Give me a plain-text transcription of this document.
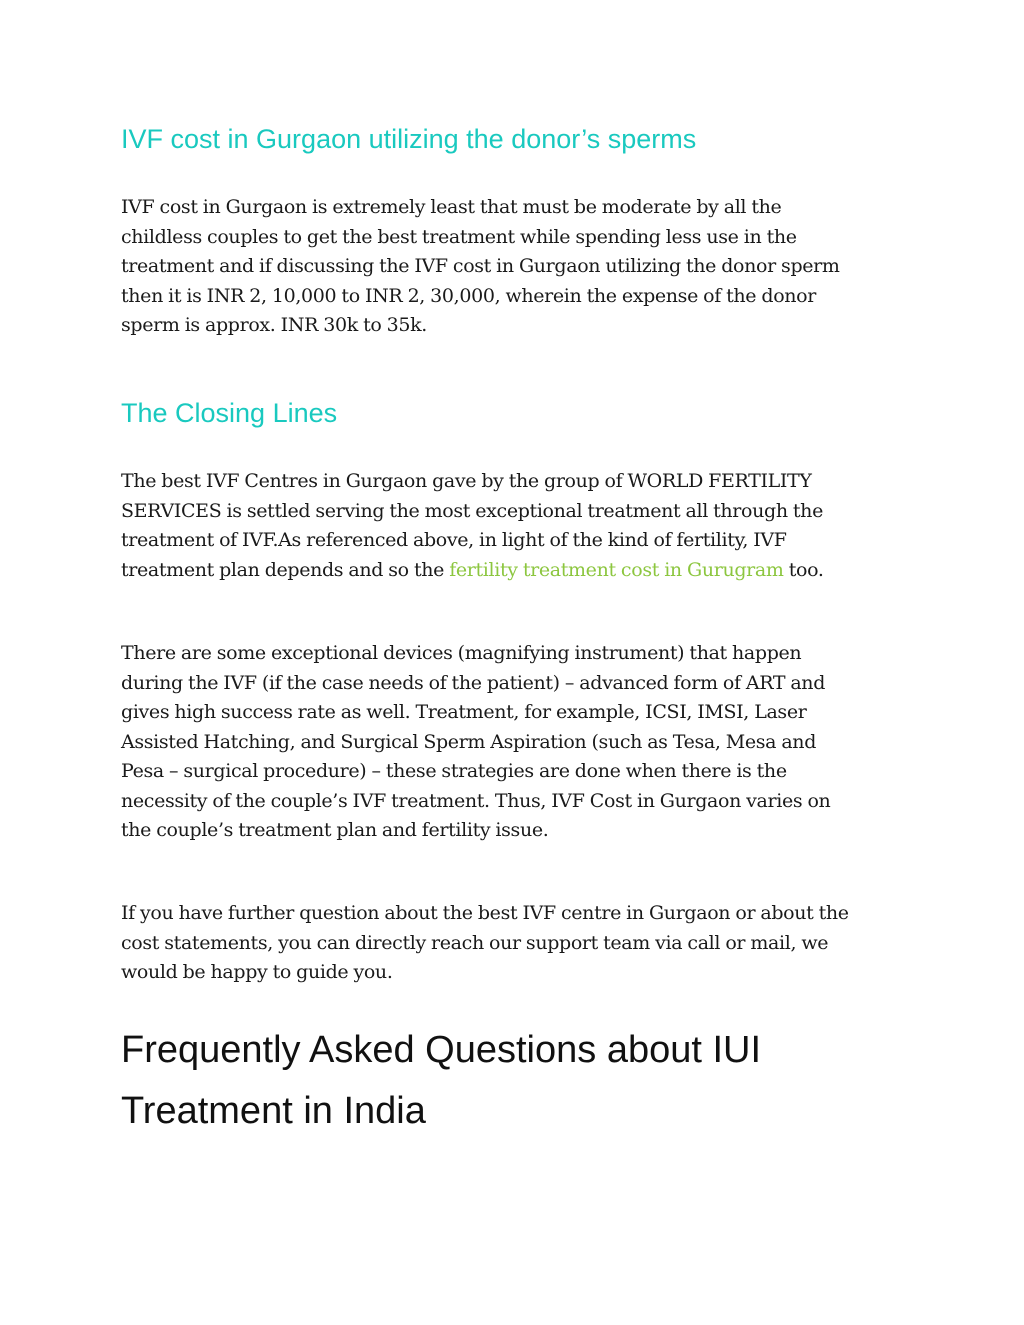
IVF cost in Gurgaon utilizing the donor’s sperms

IVF cost in Gurgaon is extremely least that must be moderate by all the
childless couples to get the best treatment while spending less use in the
treatment and if discussing the IVF cost in Gurgaon utilizing the donor sperm
then it is INR 2, 10,000 to INR 2, 30,000, wherein the expense of the donor
sperm is approx. INR 30k to 35k.

The Closing Lines

The best IVF Centres in Gurgaon gave by the group of WORLD FERTILITY
SERVICES is settled serving the most exceptional treatment all through the
treatment of IVF.As referenced above, in light of the kind of fertility, IVF
treatment plan depends and so the fertility treatment cost in Gurugram too.

There are some exceptional devices (magnifying instrument) that happen
during the IVF (if the case needs of the patient) – advanced form of ART and
gives high success rate as well. Treatment, for example, ICSI, IMSI, Laser
Assisted Hatching, and Surgical Sperm Aspiration (such as Tesa, Mesa and
Pesa – surgical procedure) – these strategies are done when there is the
necessity of the couple’s IVF treatment. Thus, IVF Cost in Gurgaon varies on
the couple’s treatment plan and fertility issue.

If you have further question about the best IVF centre in Gurgaon or about the
cost statements, you can directly reach our support team via call or mail, we
would be happy to guide you.

Frequently Asked Questions about IUI
Treatment in India
